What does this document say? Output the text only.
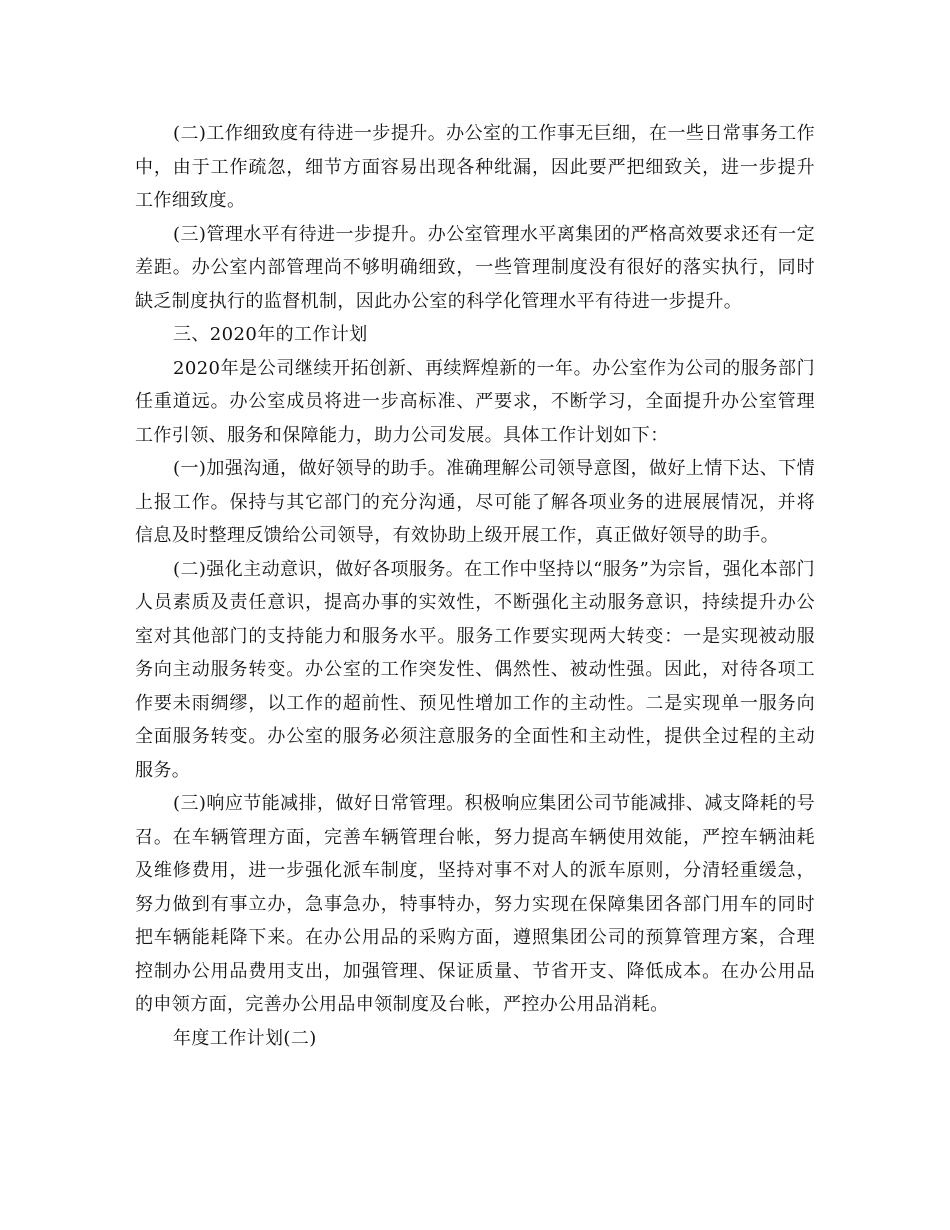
(二)工作细致度有待进一步提升。办公室的工作事无巨细，在一些日常事务工作中，由于工作疏忽，细节方面容易出现各种纰漏，因此要严把细致关，进一步提升工作细致度。

(三)管理水平有待进一步提升。办公室管理水平离集团的严格高效要求还有一定差距。办公室内部管理尚不够明确细致，一些管理制度没有很好的落实执行，同时缺乏制度执行的监督机制，因此办公室的科学化管理水平有待进一步提升。

三、2020年的工作计划

2020年是公司继续开拓创新、再续辉煌新的一年。办公室作为公司的服务部门任重道远。办公室成员将进一步高标准、严要求，不断学习，全面提升办公室管理工作引领、服务和保障能力，助力公司发展。具体工作计划如下：

(一)加强沟通，做好领导的助手。准确理解公司领导意图，做好上情下达、下情上报工作。保持与其它部门的充分沟通，尽可能了解各项业务的进展展情况，并将信息及时整理反馈给公司领导，有效协助上级开展工作，真正做好领导的助手。

(二)强化主动意识，做好各项服务。在工作中坚持以“服务”为宗旨，强化本部门人员素质及责任意识，提高办事的实效性，不断强化主动服务意识，持续提升办公室对其他部门的支持能力和服务水平。服务工作要实现两大转变：一是实现被动服务向主动服务转变。办公室的工作突发性、偶然性、被动性强。因此，对待各项工作要未雨绸缪，以工作的超前性、预见性增加工作的主动性。二是实现单一服务向全面服务转变。办公室的服务必须注意服务的全面性和主动性，提供全过程的主动服务。

(三)响应节能减排，做好日常管理。积极响应集团公司节能减排、减支降耗的号召。在车辆管理方面，完善车辆管理台帐，努力提高车辆使用效能，严控车辆油耗及维修费用，进一步强化派车制度，坚持对事不对人的派车原则，分清轻重缓急，努力做到有事立办，急事急办，特事特办，努力实现在保障集团各部门用车的同时把车辆能耗降下来。在办公用品的采购方面，遵照集团公司的预算管理方案，合理控制办公用品费用支出，加强管理、保证质量、节省开支、降低成本。在办公用品的申领方面，完善办公用品申领制度及台帐，严控办公用品消耗。

年度工作计划(二)
